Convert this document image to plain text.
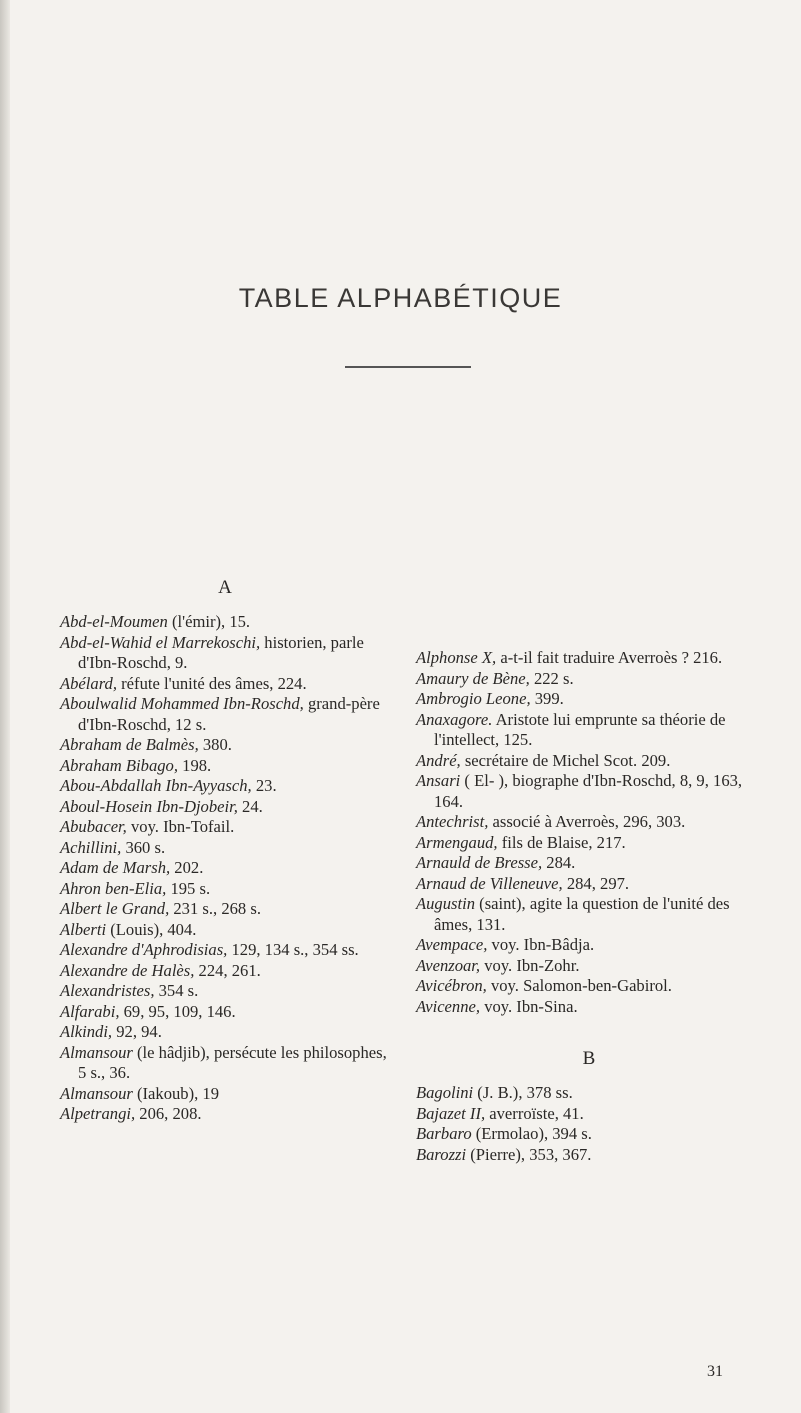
TABLE ALPHABÉTIQUE
A

Abd-el-Moumen (l'émir), 15.

Abd-el-Wahid el Marrekoschi, historien, parle d'Ibn-Roschd, 9.

Abélard, réfute l'unité des âmes, 224.

Aboulwalid Mohammed Ibn-Roschd, grand-père d'Ibn-Roschd, 12 s.

Abraham de Balmès, 380.

Abraham Bibago, 198.

Abou-Abdallah Ibn-Ayyasch, 23.

Aboul-Hosein Ibn-Djobeir, 24.

Abubacer, voy. Ibn-Tofail.

Achillini, 360 s.

Adam de Marsh, 202.

Ahron ben-Elia, 195 s.

Albert le Grand, 231 s., 268 s.

Alberti (Louis), 404.

Alexandre d'Aphrodisias, 129, 134 s., 354 ss.

Alexandre de Halès, 224, 261.

Alexandristes, 354 s.

Alfarabi, 69, 95, 109, 146.

Alkindi, 92, 94.

Almansour (le hâdjib), persécute les philosophes, 5 s., 36.

Almansour (Iakoub), 19

Alpetrangi, 206, 208.

Alphonse X, a-t-il fait traduire Averroès ? 216.

Amaury de Bène, 222 s.

Ambrogio Leone, 399.

Anaxagore. Aristote lui emprunte sa théorie de l'intellect, 125.

André, secrétaire de Michel Scot. 209.

Ansari ( El- ), biographe d'Ibn-Roschd, 8, 9, 163, 164.

Antechrist, associé à Averroès, 296, 303.

Armengaud, fils de Blaise, 217.

Arnauld de Bresse, 284.

Arnaud de Villeneuve, 284, 297.

Augustin (saint), agite la question de l'unité des âmes, 131.

Avempace, voy. Ibn-Bâdja.

Avenzoar, voy. Ibn-Zohr.

Avicébron, voy. Salomon-ben-Gabirol.

Avicenne, voy. Ibn-Sina.

B

Bagolini (J. B.), 378 ss.

Bajazet II, averroïste, 41.

Barbaro (Ermolao), 394 s.

Barozzi (Pierre), 353, 367.

31
